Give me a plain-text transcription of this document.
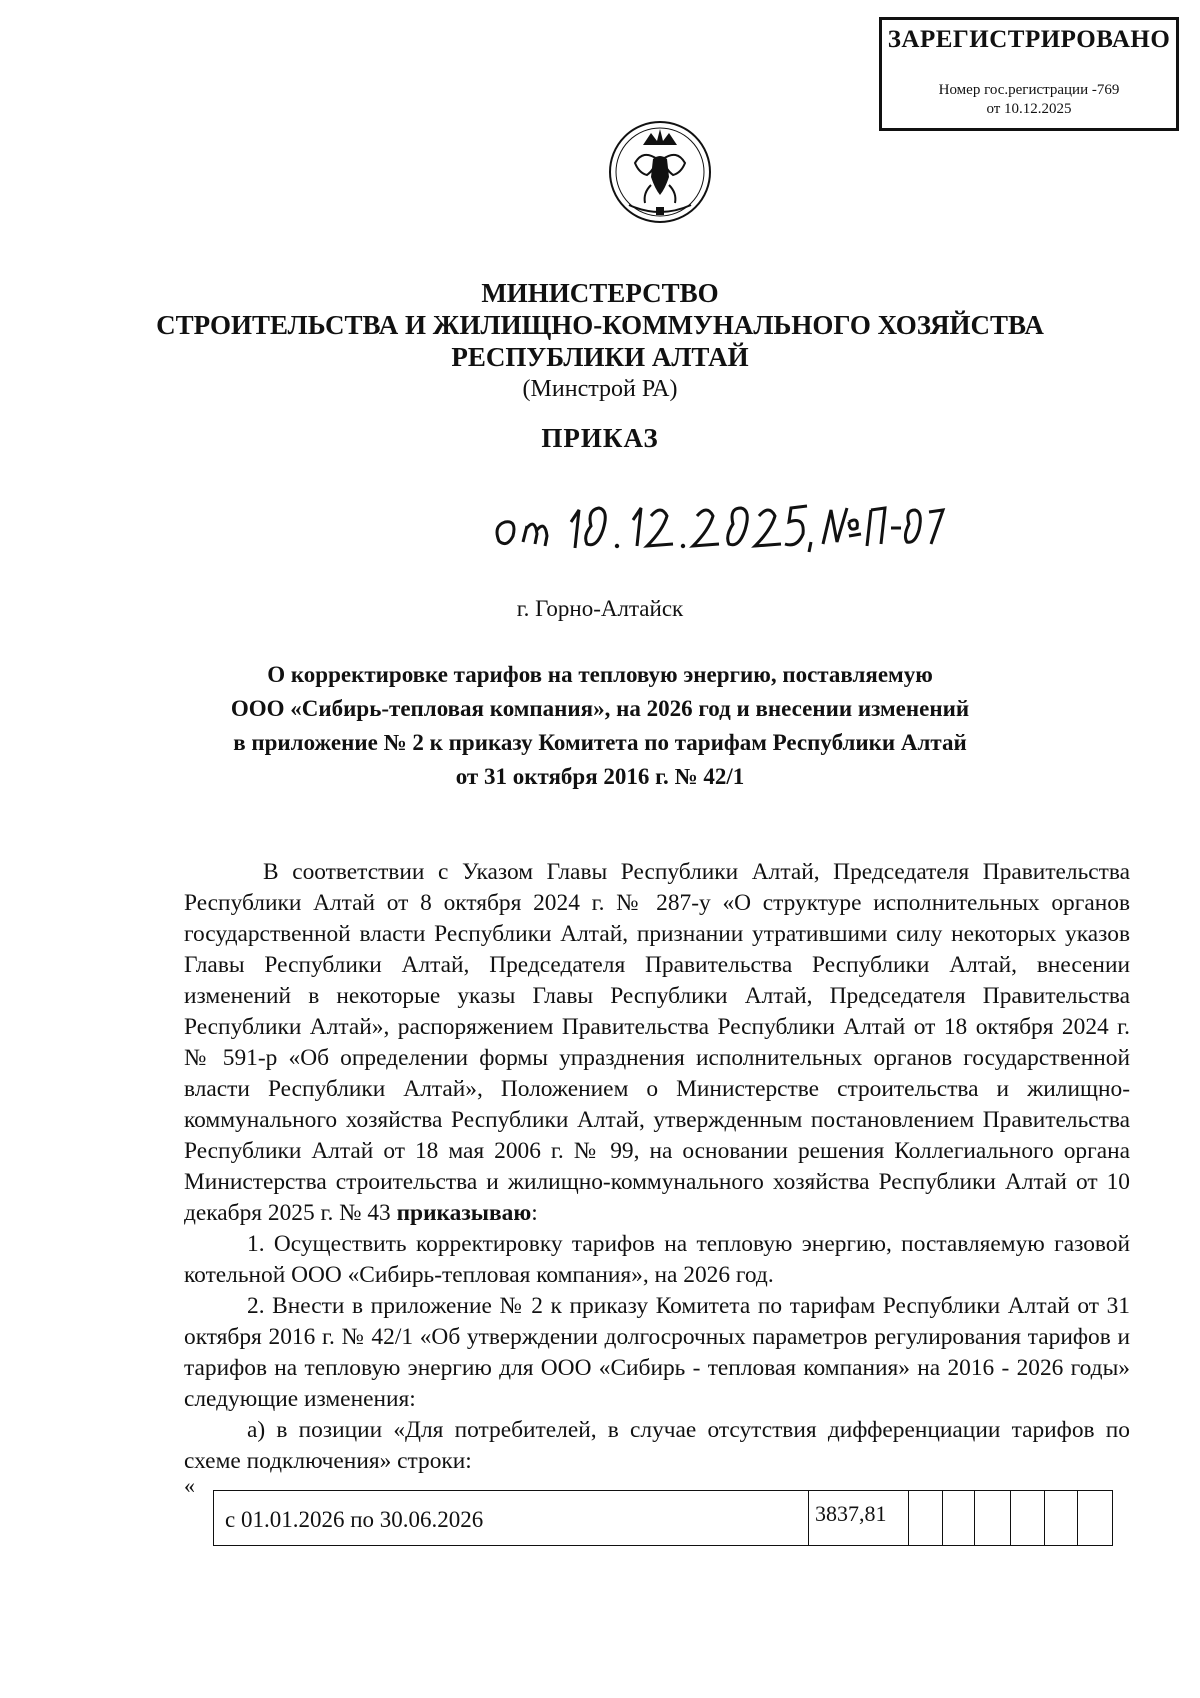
ЗАРЕГИСТРИРОВАНО
Номер гос.регистрации -769
от 10.12.2025
МИНИСТЕРСТВО
СТРОИТЕЛЬСТВА И ЖИЛИЩНО-КОММУНАЛЬНОГО ХОЗЯЙСТВА
РЕСПУБЛИКИ АЛТАЙ
(Минстрой РА)
ПРИКАЗ
г. Горно-Алтайск
О корректировке тарифов на тепловую энергию, поставляемую
ООО «Сибирь-тепловая компания», на 2026 год и внесении изменений
в приложение № 2 к приказу Комитета по тарифам Республики Алтай
от 31 октября 2016 г. № 42/1

В соответствии с Указом Главы Республики Алтай, Председателя Правительства Республики Алтай от 8 октября 2024 г. № 287-у «О структуре исполнительных органов государственной власти Республики Алтай, признании утратившими силу некоторых указов Главы Республики Алтай, Председателя Правительства Республики Алтай, внесении изменений в некоторые указы Главы Республики Алтай, Председателя Правительства Республики Алтай», распоряжением Правительства Республики Алтай от 18 октября 2024 г. № 591-р «Об определении формы упразднения исполнительных органов государственной власти Республики Алтай», Положением о Министерстве строительства и жилищно-коммунального хозяйства Республики Алтай, утвержденным постановлением Правительства Республики Алтай от 18 мая 2006 г. № 99, на основании решения Коллегиального органа Министерства строительства и жилищно-коммунального хозяйства Республики Алтай от 10 декабря 2025 г. № 43 приказываю:

1. Осуществить корректировку тарифов на тепловую энергию, поставляемую газовой котельной ООО «Сибирь-тепловая компания», на 2026 год.

2. Внести в приложение № 2 к приказу Комитета по тарифам Республики Алтай от 31 октября 2016 г. № 42/1 «Об утверждении долгосрочных параметров регулирования тарифов и тарифов на тепловую энергию для ООО «Сибирь - тепловая компания» на 2016 - 2026 годы» следующие изменения:

а) в позиции «Для потребителей, в случае отсутствия дифференциации тарифов по схеме подключения» строки:

«
с 01.01.2026 по 30.06.2026	3837,81
